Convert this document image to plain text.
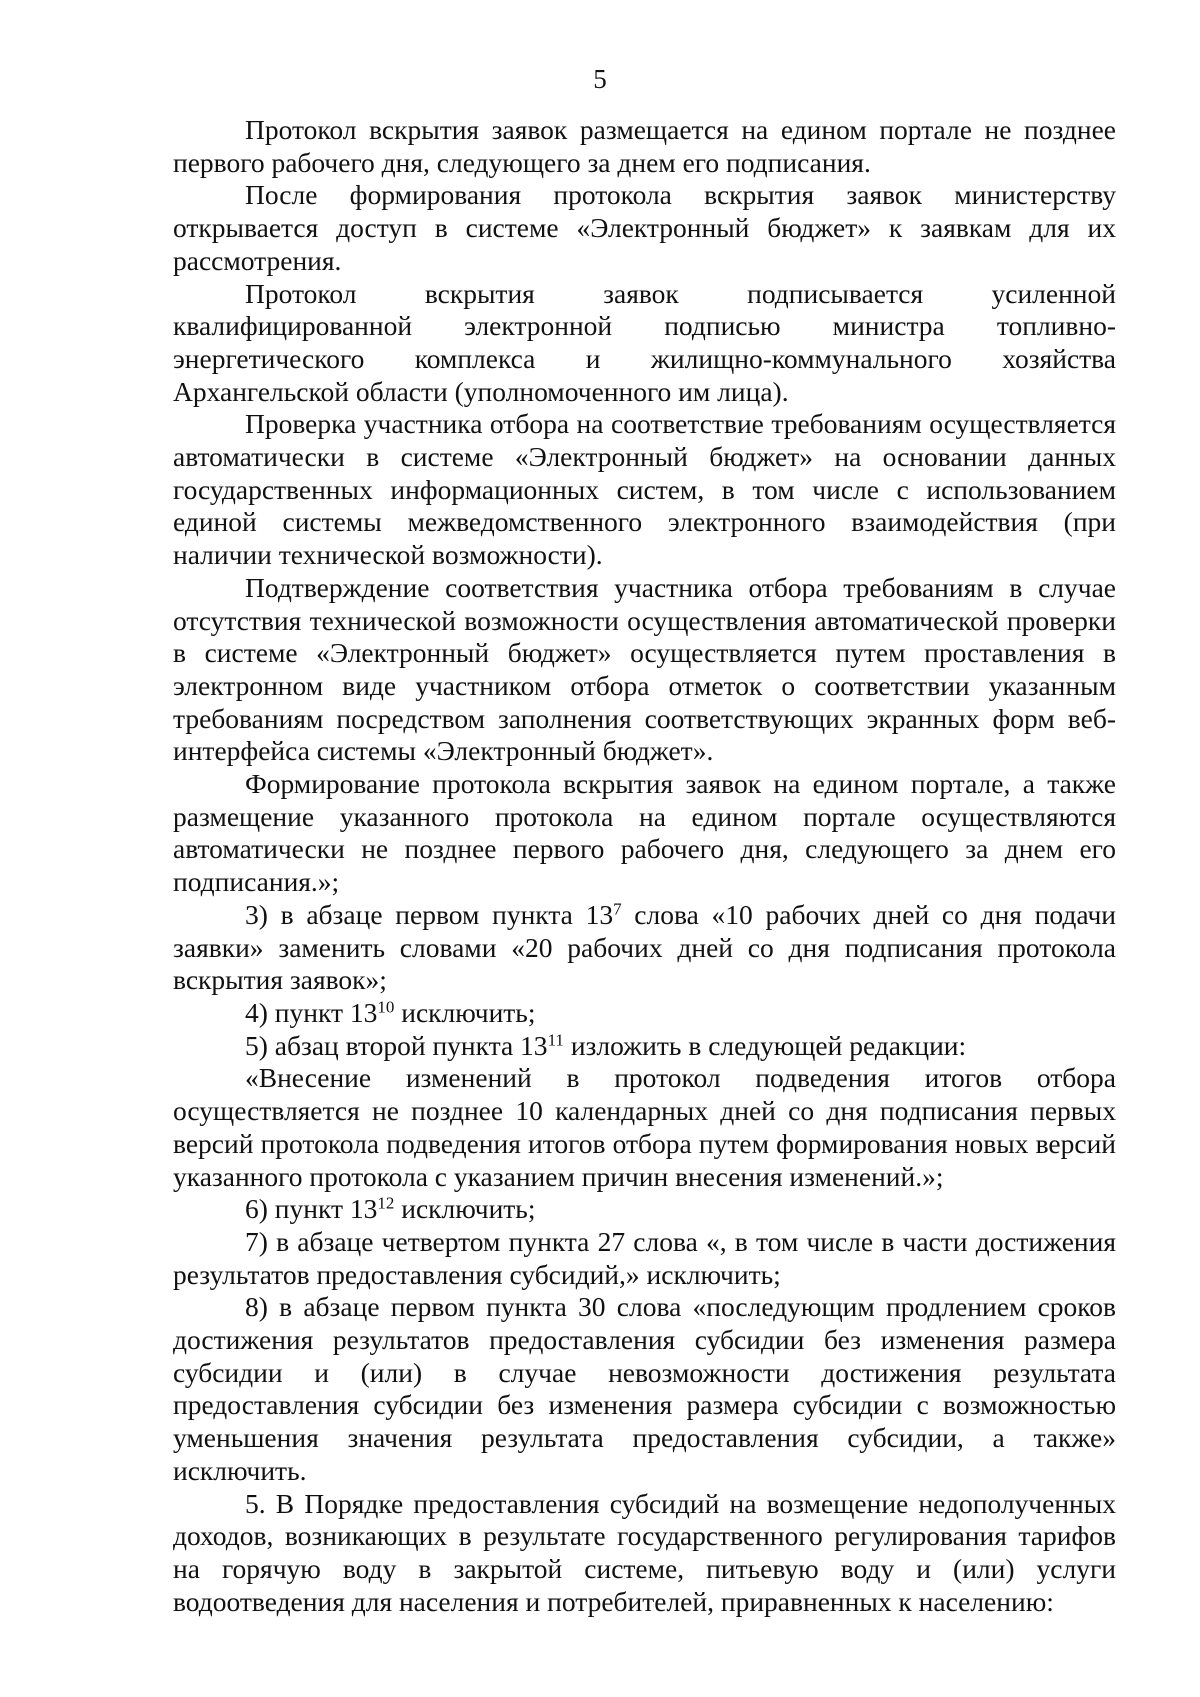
5

Протокол вскрытия заявок размещается на едином портале не позднее первого рабочего дня, следующего за днем его подписания.

После формирования протокола вскрытия заявок министерству открывается доступ в системе «Электронный бюджет» к заявкам для их рассмотрения.

Протокол вскрытия заявок подписывается усиленной квалифицированной электронной подписью министра топливно-энергетического комплекса и жилищно-коммунального хозяйства Архангельской области (уполномоченного им лица).

Проверка участника отбора на соответствие требованиям осуществляется автоматически в системе «Электронный бюджет» на основании данных государственных информационных систем, в том числе с использованием единой системы межведомственного электронного взаимодействия (при наличии технической возможности).

Подтверждение соответствия участника отбора требованиям в случае отсутствия технической возможности осуществления автоматической проверки в системе «Электронный бюджет» осуществляется путем проставления в электронном виде участником отбора отметок о соответствии указанным требованиям посредством заполнения соответствующих экранных форм веб-интерфейса системы «Электронный бюджет».

Формирование протокола вскрытия заявок на едином портале, а также размещение указанного протокола на едином портале осуществляются автоматически не позднее первого рабочего дня, следующего за днем его подписания.»;

3) в абзаце первом пункта $13^7$ слова «10 рабочих дней со дня подачи заявки» заменить словами «20 рабочих дней со дня подписания протокола вскрытия заявок»;

4) пункт $13^{10}$ исключить;

5) абзац второй пункта $13^{11}$ изложить в следующей редакции:

«Внесение изменений в протокол подведения итогов отбора осуществляется не позднее 10 календарных дней со дня подписания первых версий протокола подведения итогов отбора путем формирования новых версий указанного протокола с указанием причин внесения изменений.»;

6) пункт $13^{12}$ исключить;

7) в абзаце четвертом пункта 27 слова «, в том числе в части достижения результатов предоставления субсидий,» исключить;

8) в абзаце первом пункта 30 слова «последующим продлением сроков достижения результатов предоставления субсидии без изменения размера субсидии и (или) в случае невозможности достижения результата предоставления субсидии без изменения размера субсидии с возможностью уменьшения значения результата предоставления субсидии, а также» исключить.

5. В Порядке предоставления субсидий на возмещение недополученных доходов, возникающих в результате государственного регулирования тарифов на горячую воду в закрытой системе, питьевую воду и (или) услуги водоотведения для населения и потребителей, приравненных к населению:
